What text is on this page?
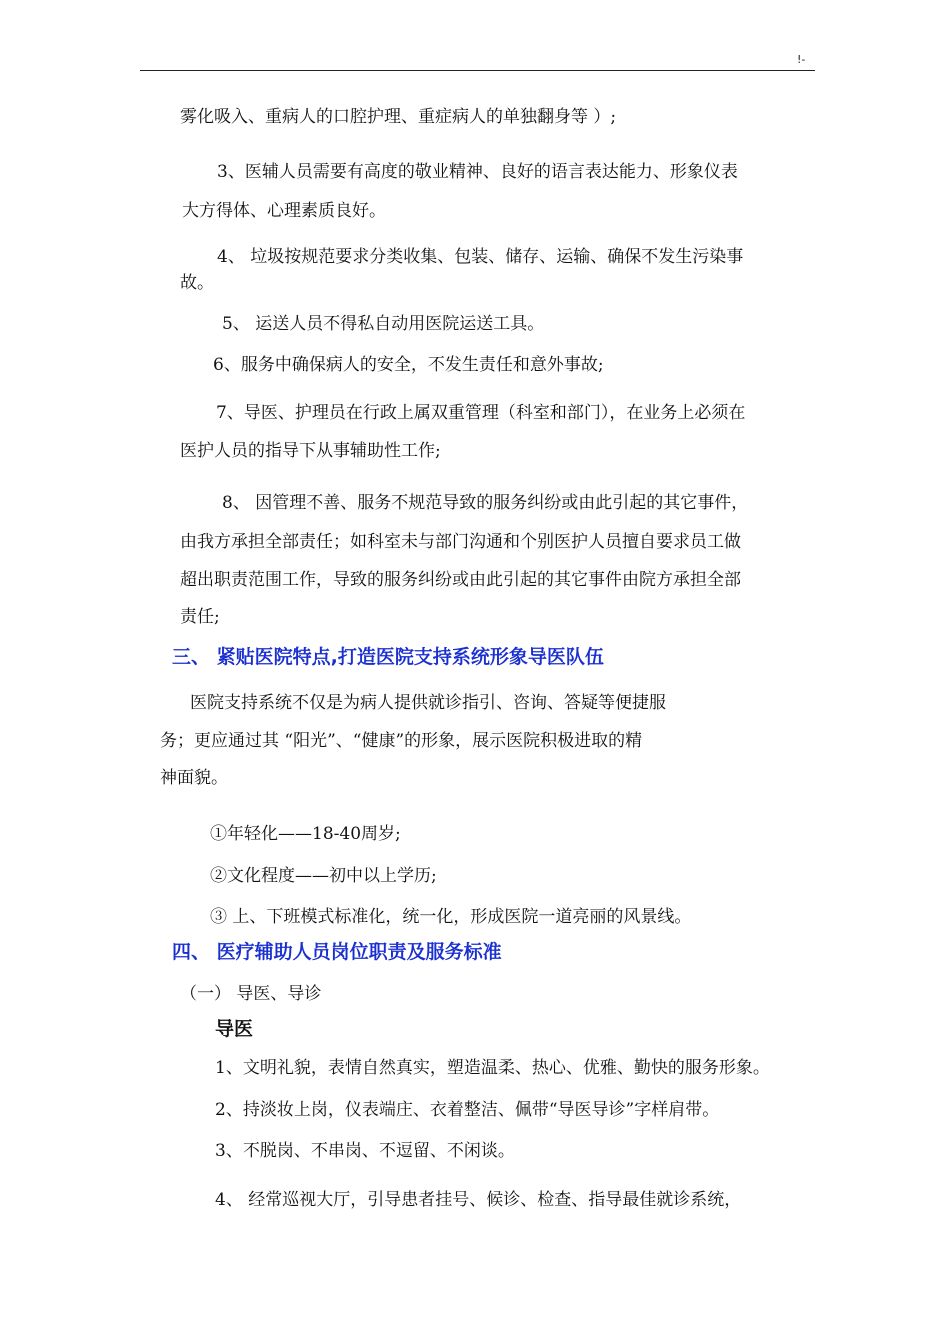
!-
雾化吸入、重病人的口腔护理、重症病人的单独翻身等 ）;
3、医辅人员需要有高度的敬业精神、良好的语言表达能力、形象仪表
大方得体、心理素质良好。
4、 垃圾按规范要求分类收集、包装、储存、运输、确保不发生污染事
故。
5、 运送人员不得私自动用医院运送工具。
6、服务中确保病人的安全，不发生责任和意外事故;
7、导医、护理员在行政上属双重管理（科室和部门），在业务上必须在
医护人员的指导下从事辅助性工作;
8、 因管理不善、服务不规范导致的服务纠纷或由此引起的其它事件，
由我方承担全部责任；如科室未与部门沟通和个别医护人员擅自要求员工做
超出职责范围工作，导致的服务纠纷或由此引起的其它事件由院方承担全部
责任;
三、 紧贴医院特点,打造医院支持系统形象导医队伍
医院支持系统不仅是为病人提供就诊指引、咨询、答疑等便捷服
务；更应通过其 “阳光”、“健康”的形象，展示医院积极进取的精
神面貌。
①年轻化——18-40周岁;
②文化程度——初中以上学历;
③ 上、下班模式标准化，统一化，形成医院一道亮丽的风景线。
四、 医疗辅助人员岗位职责及服务标准
（一） 导医、导诊
导医
1、文明礼貌，表情自然真实，塑造温柔、热心、优雅、勤快的服务形象。
2、持淡妆上岗，仪表端庄、衣着整洁、佩带“导医导诊”字样肩带。
3、不脱岗、不串岗、不逗留、不闲谈。
4、 经常巡视大厅，引导患者挂号、候诊、检查、指导最佳就诊系统，
